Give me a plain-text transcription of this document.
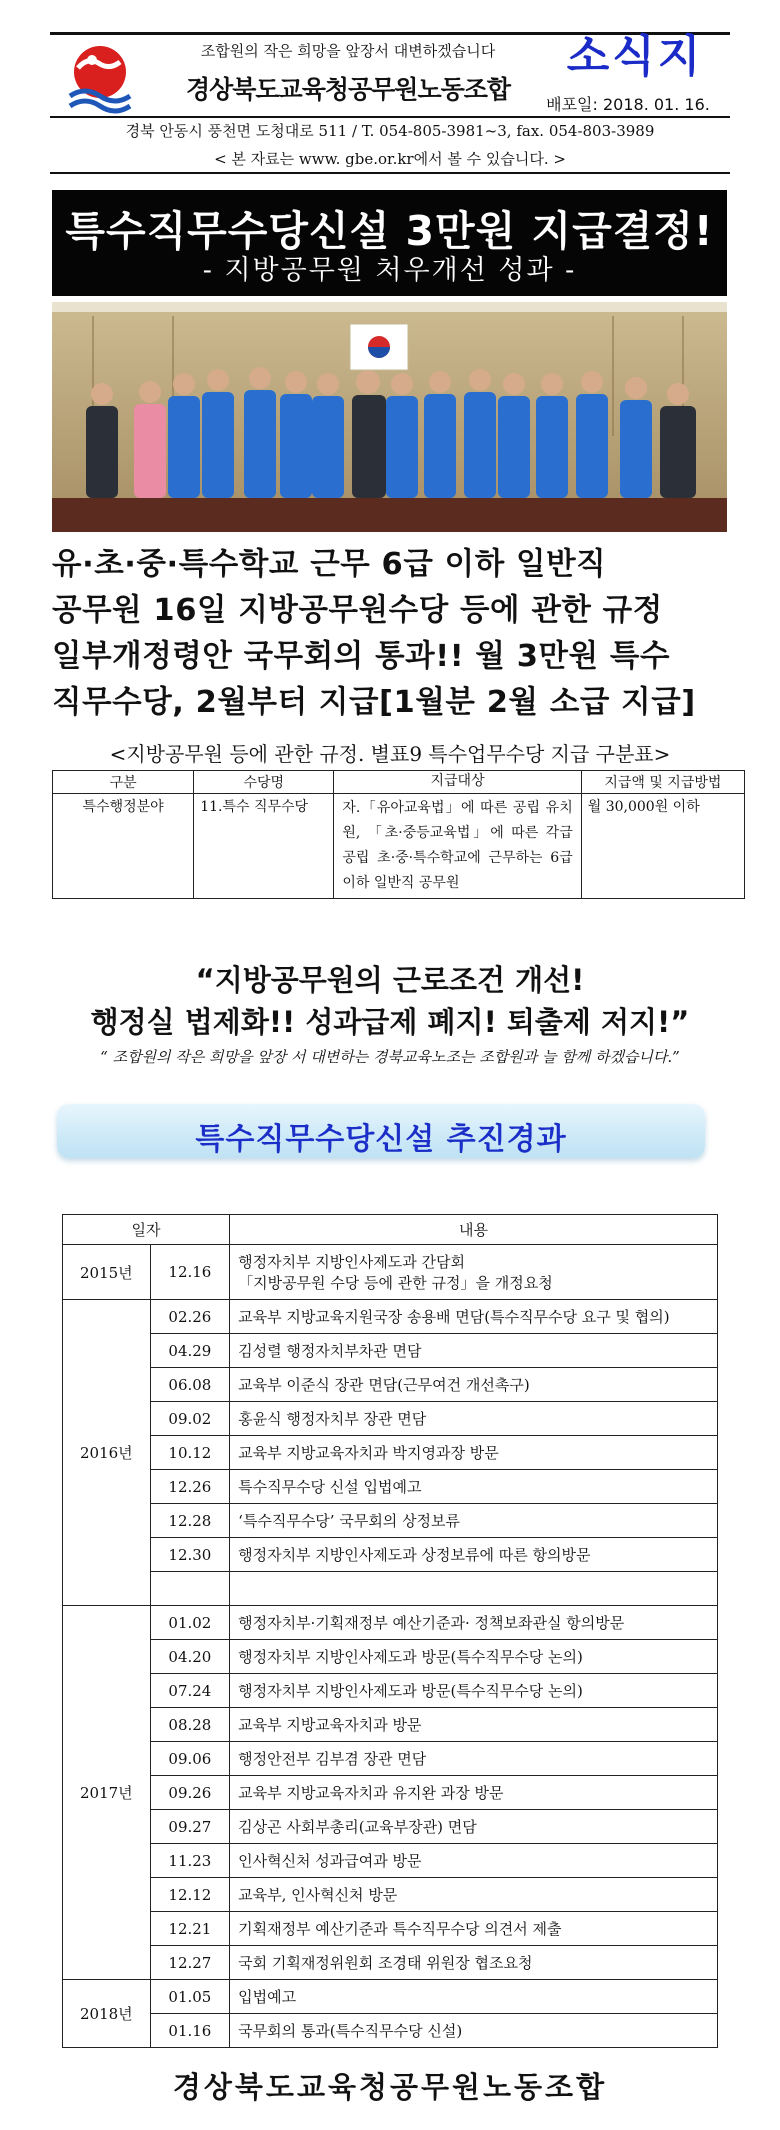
조합원의 작은 희망을 앞장서 대변하겠습니다
경상북도교육청공무원노동조합
소식지
배포일: 2018. 01. 16.
경북 안동시 풍천면 도청대로 511 / T. 054-805-3981~3, fax. 054-803-3989
< 본 자료는 www. gbe.or.kr에서 볼 수 있습니다. >
특수직무수당신설 3만원 지급결정!
- 지방공무원 처우개선 성과 -
유·초·중·특수학교 근무 6급 이하 일반직
공무원 16일 지방공무원수당 등에 관한 규정
일부개정령안 국무회의 통과!! 월 3만원 특수
직무수당, 2월부터 지급[1월분 2월 소급 지급]
<지방공무원 등에 관한 규정. 별표9 특수업무수당 지급 구분표>
구분	수당명	지급대상	지급액 및 지급방법
특수행정분야	11.특수 직무수당	자.「유아교육법」에 따른 공립 유치원, 「초·중등교육법」에 따른 각급 공립 초·중·특수학교에 근무하는 6급 이하 일반직 공무원	월 30,000원 이하
“지방공무원의 근로조건 개선!
행정실 법제화!! 성과급제 폐지! 퇴출제 저지!”
“ 조합원의 작은 희망을 앞장 서 대변하는 경북교육노조는 조합원과 늘 함께 하겠습니다.”
특수직무수당신설 추진경과
일자		내용
2015년	12.16	행정자치부 지방인사제도과 간담회
「지방공무원 수당 등에 관한 규정」을 개정요청

2016년	02.26	교육부 지방교육지원국장 송용배 면담(특수직무수당 요구 및 협의)
	04.29	김성렬 행정자치부차관 면담
	06.08	교육부 이준식 장관 면담(근무여건 개선촉구)
	09.02	홍윤식 행정자치부 장관 면담
	10.12	교육부 지방교육자치과 박지영과장 방문
	12.26	특수직무수당 신설 입법예고
	12.28	‘특수직무수당’ 국무회의 상정보류
	12.30	행정자치부 지방인사제도과 상정보류에 따른 항의방문

2017년	01.02	행정자치부·기획재정부 예산기준과· 정책보좌관실 항의방문
	04.20	행정자치부 지방인사제도과 방문(특수직무수당 논의)
	07.24	행정자치부 지방인사제도과 방문(특수직무수당 논의)
	08.28	교육부 지방교육자치과 방문
	09.06	행정안전부 김부겸 장관 면담
	09.26	교육부 지방교육자치과 유지완 과장 방문
	09.27	김상곤 사회부총리(교육부장관) 면담
	11.23	인사혁신처 성과급여과 방문
	12.12	교육부, 인사혁신처 방문
	12.21	기획재정부 예산기준과 특수직무수당 의견서 제출
	12.27	국회 기획재정위원회 조경태 위원장 협조요청
2018년	01.05	입법예고
	01.16	국무회의 통과(특수직무수당 신설)
경상북도교육청공무원노동조합
